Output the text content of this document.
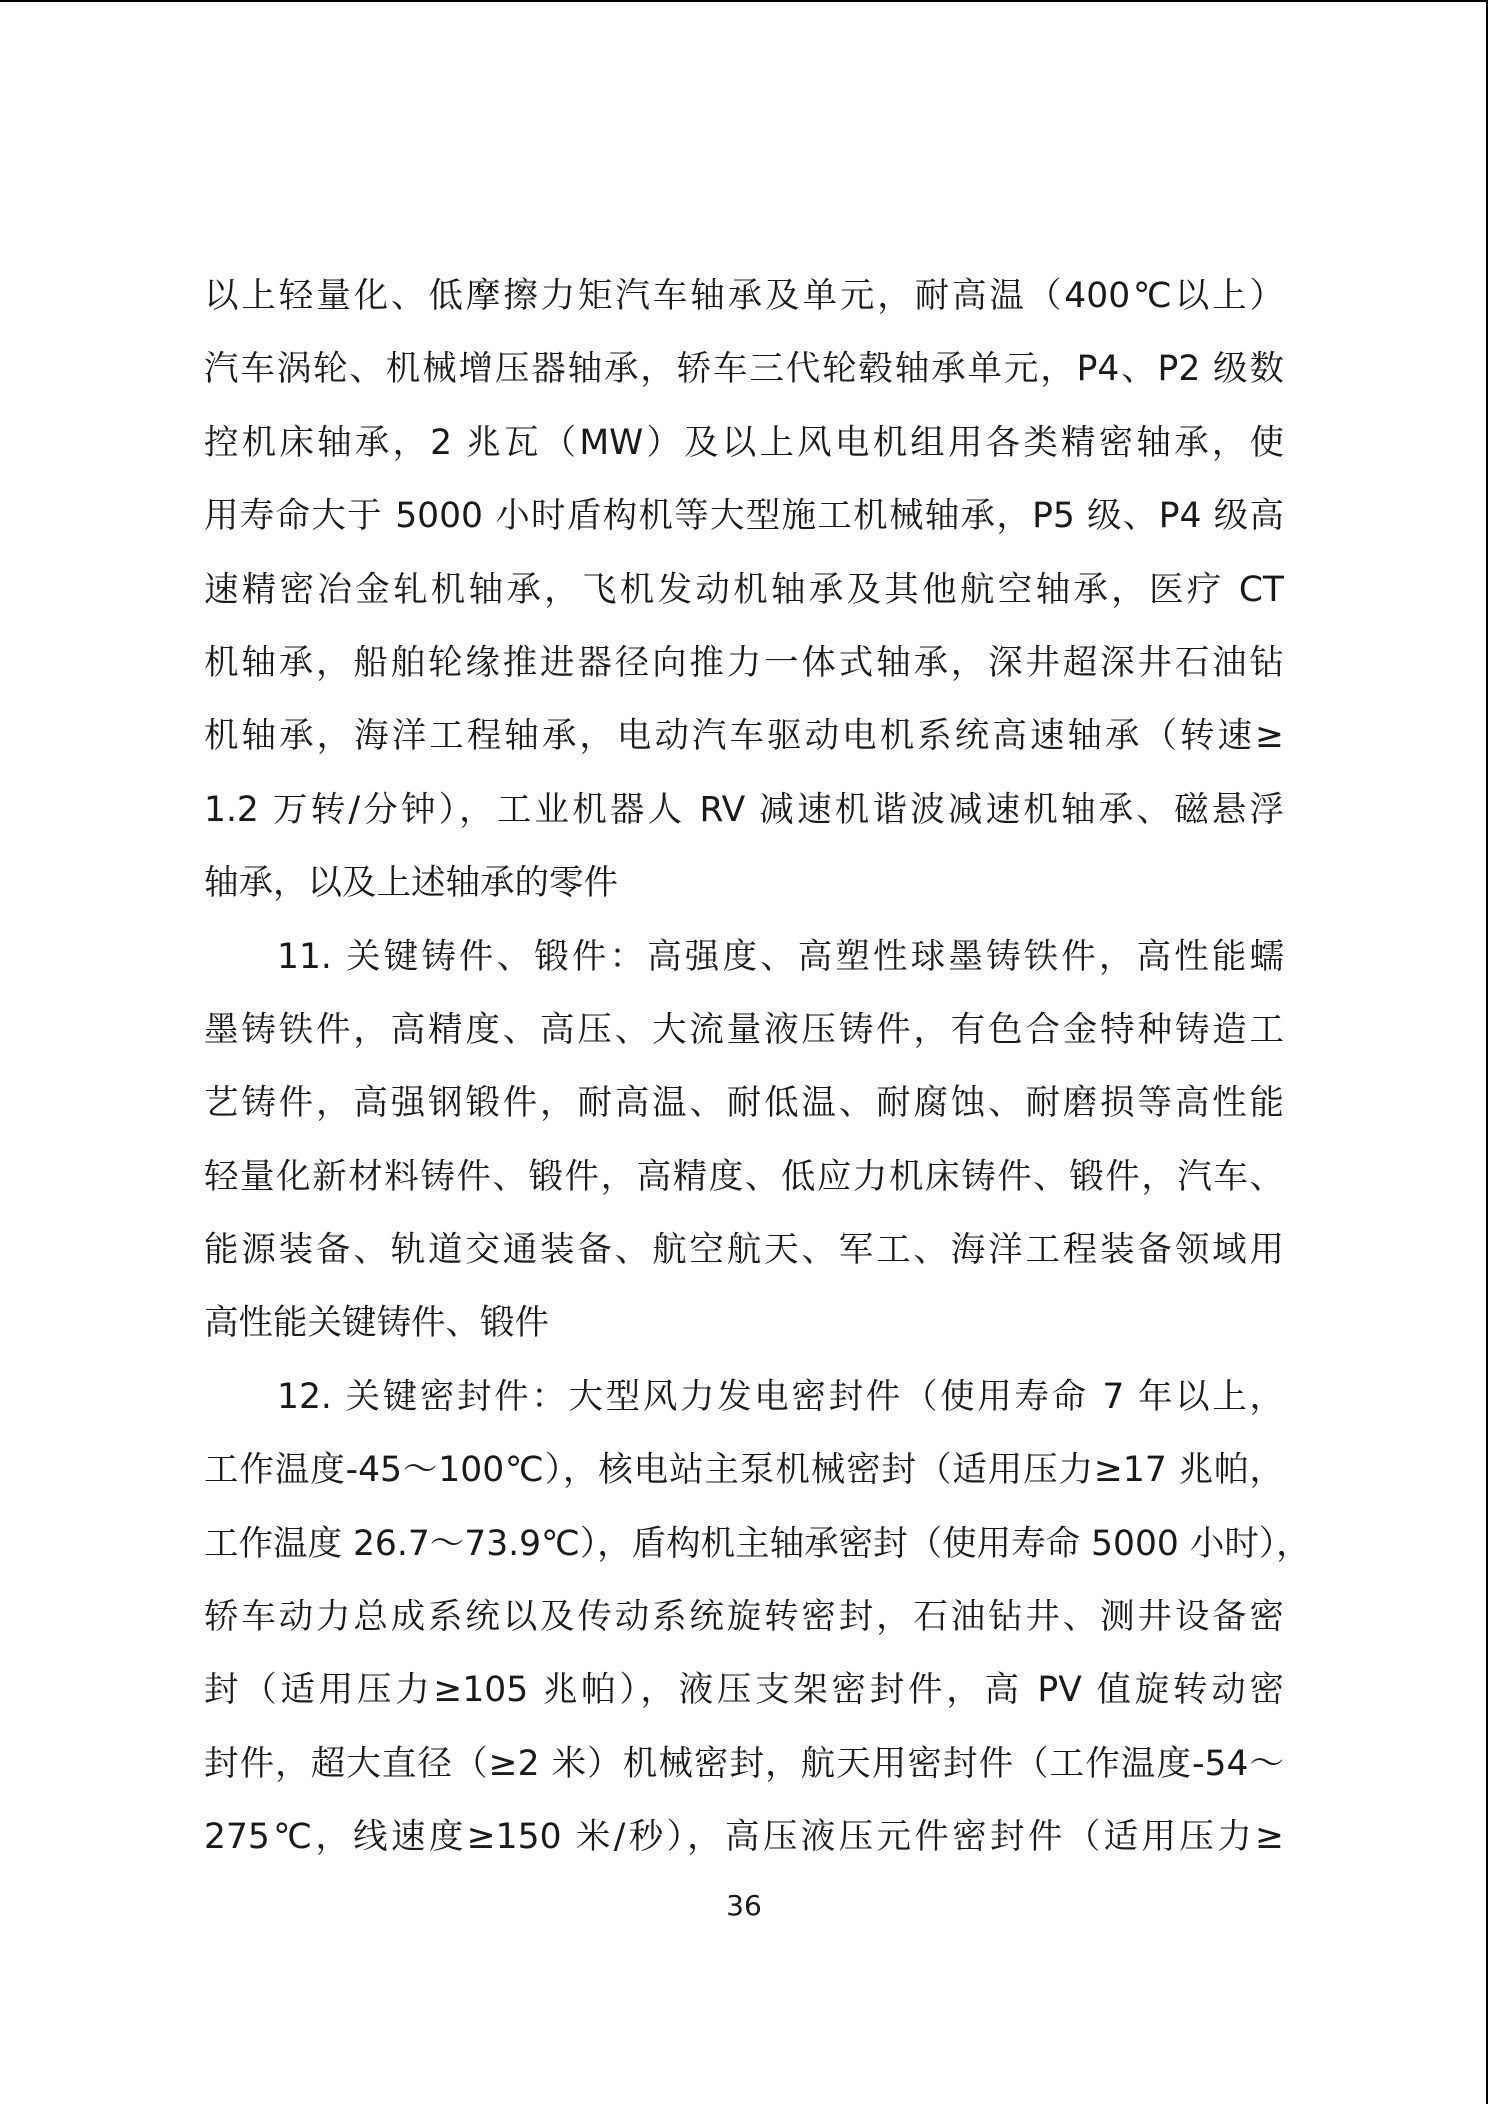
以上轻量化、低摩擦力矩汽车轴承及单元，耐高温（400℃以上）
汽车涡轮、机械增压器轴承，轿车三代轮毂轴承单元，P4、P2 级数
控机床轴承，2 兆瓦（MW）及以上风电机组用各类精密轴承，使
用寿命大于 5000 小时盾构机等大型施工机械轴承，P5 级、P4 级高
速精密冶金轧机轴承，飞机发动机轴承及其他航空轴承，医疗 CT
机轴承，船舶轮缘推进器径向推力一体式轴承，深井超深井石油钻
机轴承，海洋工程轴承，电动汽车驱动电机系统高速轴承（转速≥
1.2 万转/分钟），工业机器人 RV 减速机谐波减速机轴承、磁悬浮
轴承，以及上述轴承的零件
11. 关键铸件、锻件：高强度、高塑性球墨铸铁件，高性能蠕
墨铸铁件，高精度、高压、大流量液压铸件，有色合金特种铸造工
艺铸件，高强钢锻件，耐高温、耐低温、耐腐蚀、耐磨损等高性能
轻量化新材料铸件、锻件，高精度、低应力机床铸件、锻件，汽车、
能源装备、轨道交通装备、航空航天、军工、海洋工程装备领域用
高性能关键铸件、锻件
12. 关键密封件：大型风力发电密封件（使用寿命 7 年以上，
工作温度-45～100℃），核电站主泵机械密封（适用压力≥17 兆帕，
工作温度 26.7～73.9℃），盾构机主轴承密封（使用寿命 5000 小时），
轿车动力总成系统以及传动系统旋转密封，石油钻井、测井设备密
封（适用压力≥105 兆帕），液压支架密封件，高 PV 值旋转动密
封件，超大直径（≥2 米）机械密封，航天用密封件（工作温度-54～
275℃，线速度≥150 米/秒），高压液压元件密封件（适用压力≥
36
